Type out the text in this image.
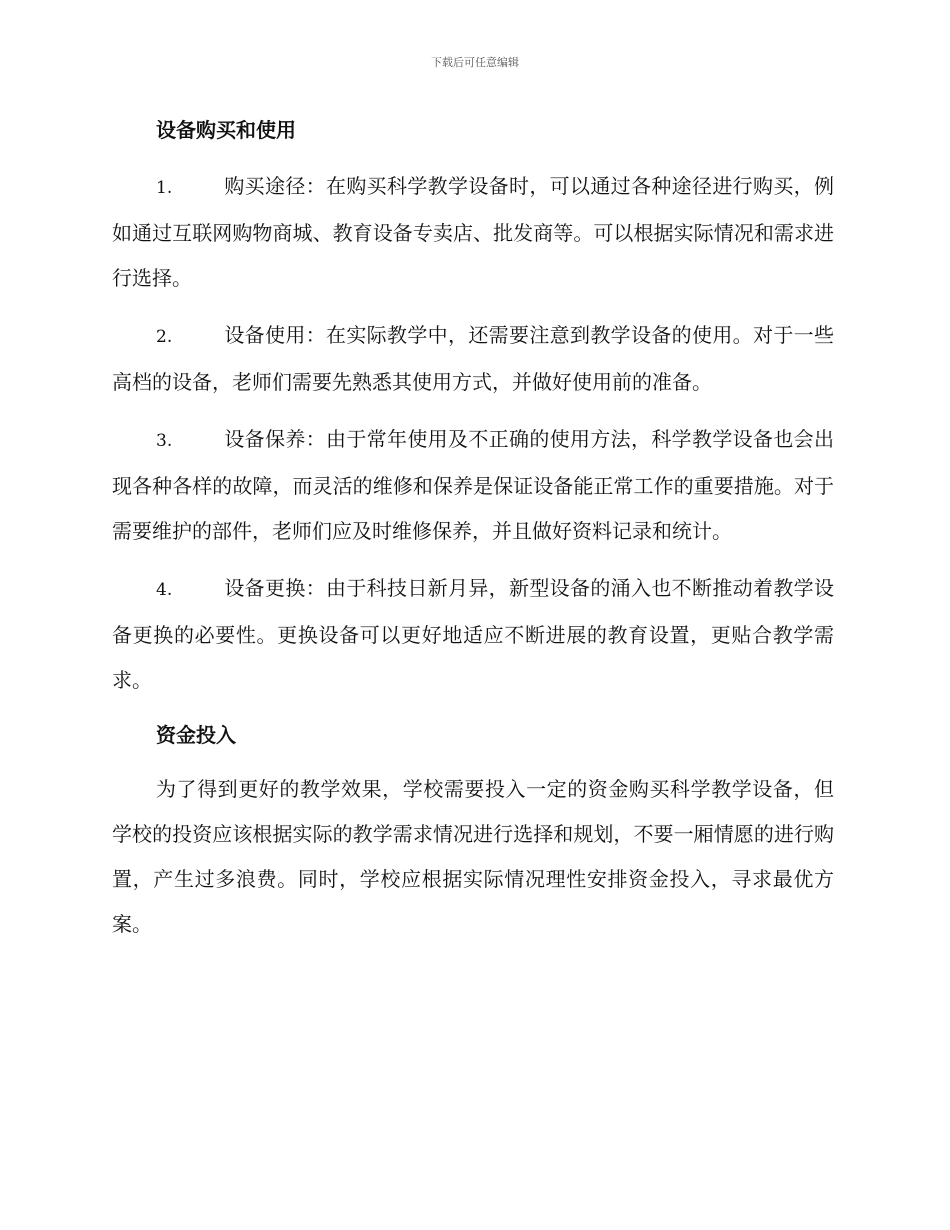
下载后可任意编辑
设备购买和使用

1.	购买途径：在购买科学教学设备时，可以通过各种途径进行购买，例如通过互联网购物商城、教育设备专卖店、批发商等。可以根据实际情况和需求进行选择。

2.	设备使用：在实际教学中，还需要注意到教学设备的使用。对于一些高档的设备，老师们需要先熟悉其使用方式，并做好使用前的准备。

3.	设备保养：由于常年使用及不正确的使用方法，科学教学设备也会出现各种各样的故障，而灵活的维修和保养是保证设备能正常工作的重要措施。对于需要维护的部件，老师们应及时维修保养，并且做好资料记录和统计。

4.	设备更换：由于科技日新月异，新型设备的涌入也不断推动着教学设备更换的必要性。更换设备可以更好地适应不断进展的教育设置，更贴合教学需求。

资金投入

为了得到更好的教学效果，学校需要投入一定的资金购买科学教学设备，但学校的投资应该根据实际的教学需求情况进行选择和规划，不要一厢情愿的进行购置，产生过多浪费。同时，学校应根据实际情况理性安排资金投入，寻求最优方案。
